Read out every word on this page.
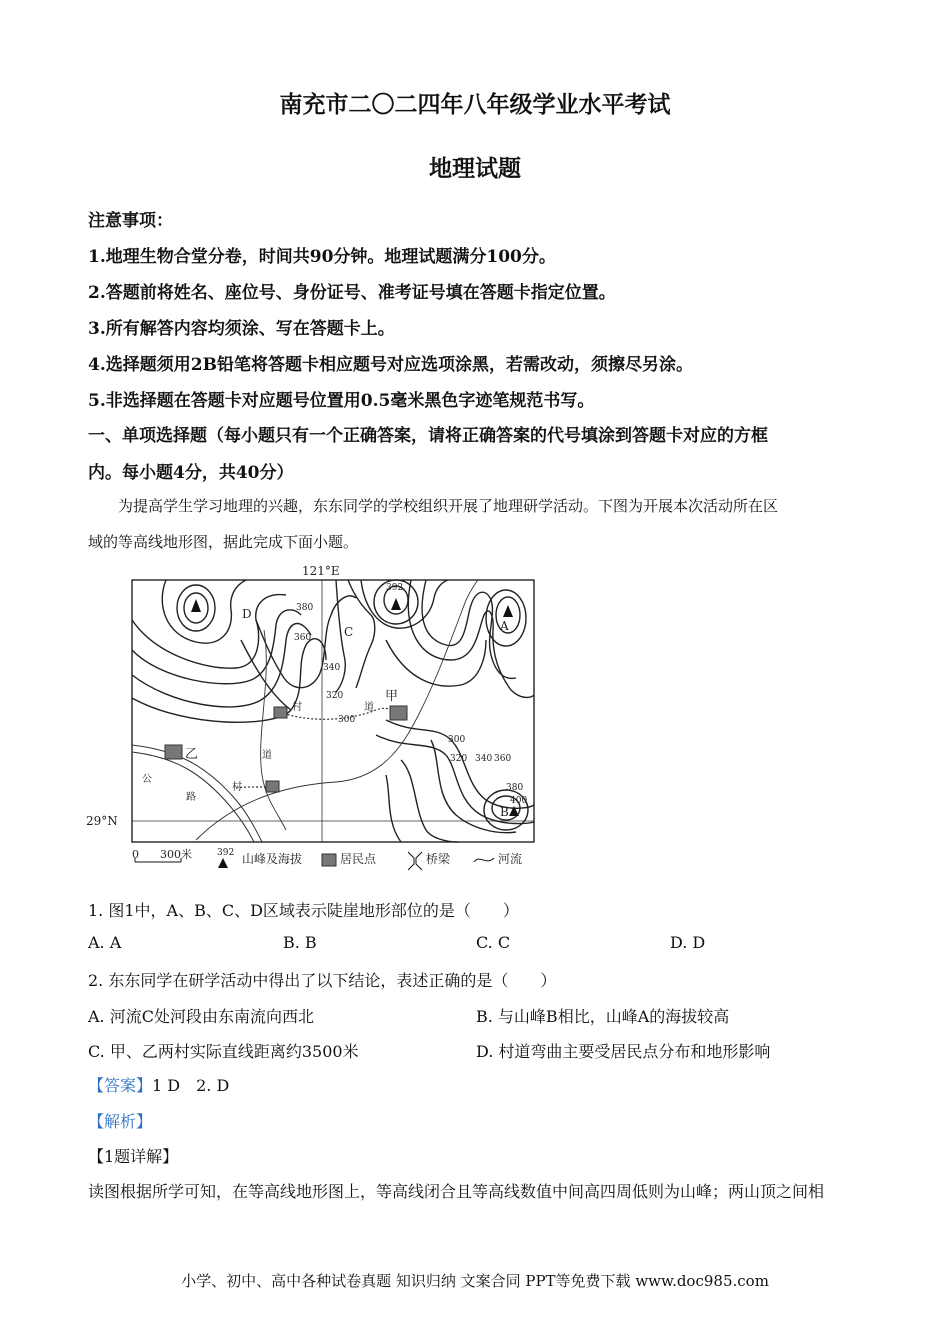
南充市二〇二四年八年级学业水平考试
地理试题
注意事项：
1.地理生物合堂分卷，时间共90分钟。地理试题满分100分。
2.答题前将姓名、座位号、身份证号、准考证号填在答题卡指定位置。
3.所有解答内容均须涂、写在答题卡上。
4.选择题须用2B铅笔将答题卡相应题号对应选项涂黑，若需改动，须擦尽另涂。
5.非选择题在答题卡对应题号位置用0.5毫米黑色字迹笔规范书写。
一、单项选择题（每小题只有一个正确答案，请将正确答案的代号填涂到答题卡对应的方框
内。每小题4分，共40分）
为提高学生学习地理的兴趣，东东同学的学校组织开展了地理研学活动。下图为开展本次活动所在区
域的等高线地形图，据此完成下面小题。
121°E
29°N
A
B
C
D
392
380
360
340
320
300
300
320 340 360
380
400
甲
乙
村	道
道
村
公
路
0 300米	392 山峰及海拔	居民点	桥梁	河流
1. 图1中，A、B、C、D区域表示陡崖地形部位的是（　　）
A. A	B. B	C. C	D. D
2. 东东同学在研学活动中得出了以下结论，表述正确的是（　　）
A. 河流C处河段由东南流向西北	B. 与山峰B相比，山峰A的海拔较高
C. 甲、乙两村实际直线距离约3500米	D. 村道弯曲主要受居民点分布和地形影响
【答案】1 D　2. D
【解析】
【1题详解】
读图根据所学可知，在等高线地形图上，等高线闭合且等高线数值中间高四周低则为山峰；两山顶之间相
小学、初中、高中各种试卷真题 知识归纳 文案合同 PPT等免费下载 www.doc985.com
